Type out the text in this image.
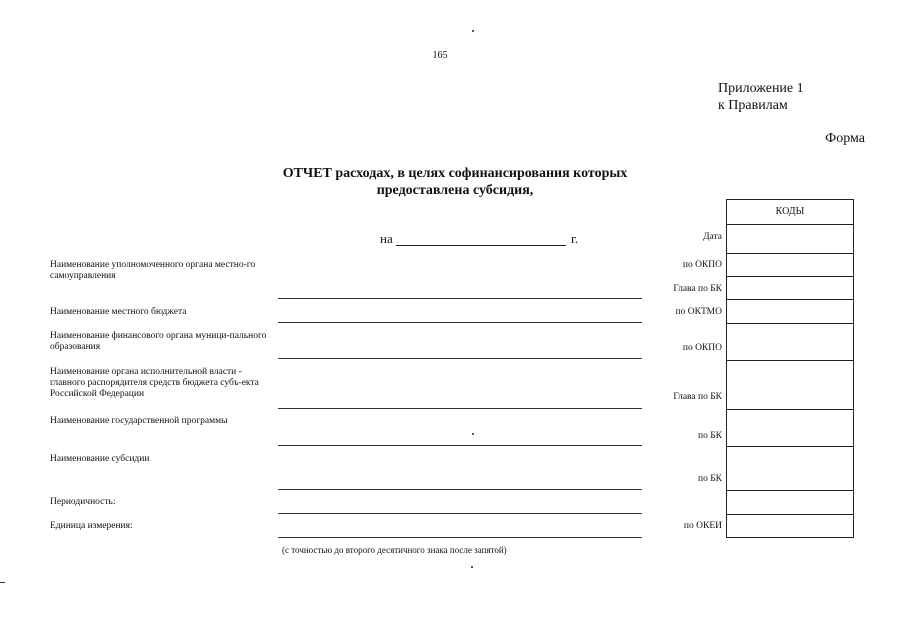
165
Приложение 1
к Правилам
Форма
ОТЧЕТ расходах, в целях софинансирования которых
предоставлена субсидия,
на	г.
КОДЫ
Дата
по ОКПО
Глава по БК
по ОКТМО
по ОКПО
Глава по БК
по БК
по БК
по ОКЕИ
Наименование уполномоченного органа местно-го самоуправления
Наименование местного бюджета
Наименование финансового органа муници-пального образования
Наименование органа исполнительной власти - главного распорядителя средств бюджета субъ-екта Российской Федерации
Наименование государственной программы
Наименование субсидии
Периодичность:
Единица измерения:
(с точностью до второго десятичного знака после запятой)
